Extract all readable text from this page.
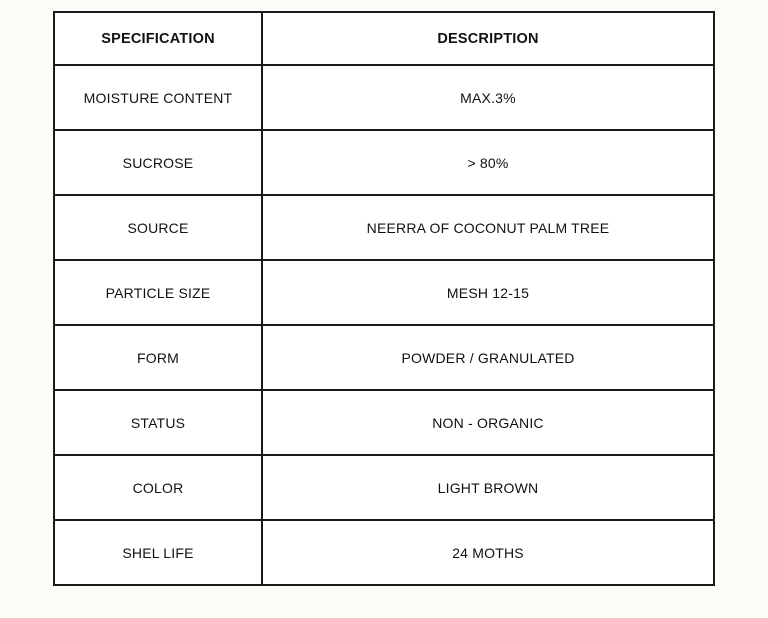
SPECIFICATION	DESCRIPTION
MOISTURE CONTENT	MAX.3%
SUCROSE	> 80%
SOURCE	NEERRA OF COCONUT PALM TREE
PARTICLE SIZE	MESH 12-15
FORM	POWDER / GRANULATED
STATUS	NON - ORGANIC
COLOR	LIGHT BROWN
SHEL LIFE	24 MOTHS
